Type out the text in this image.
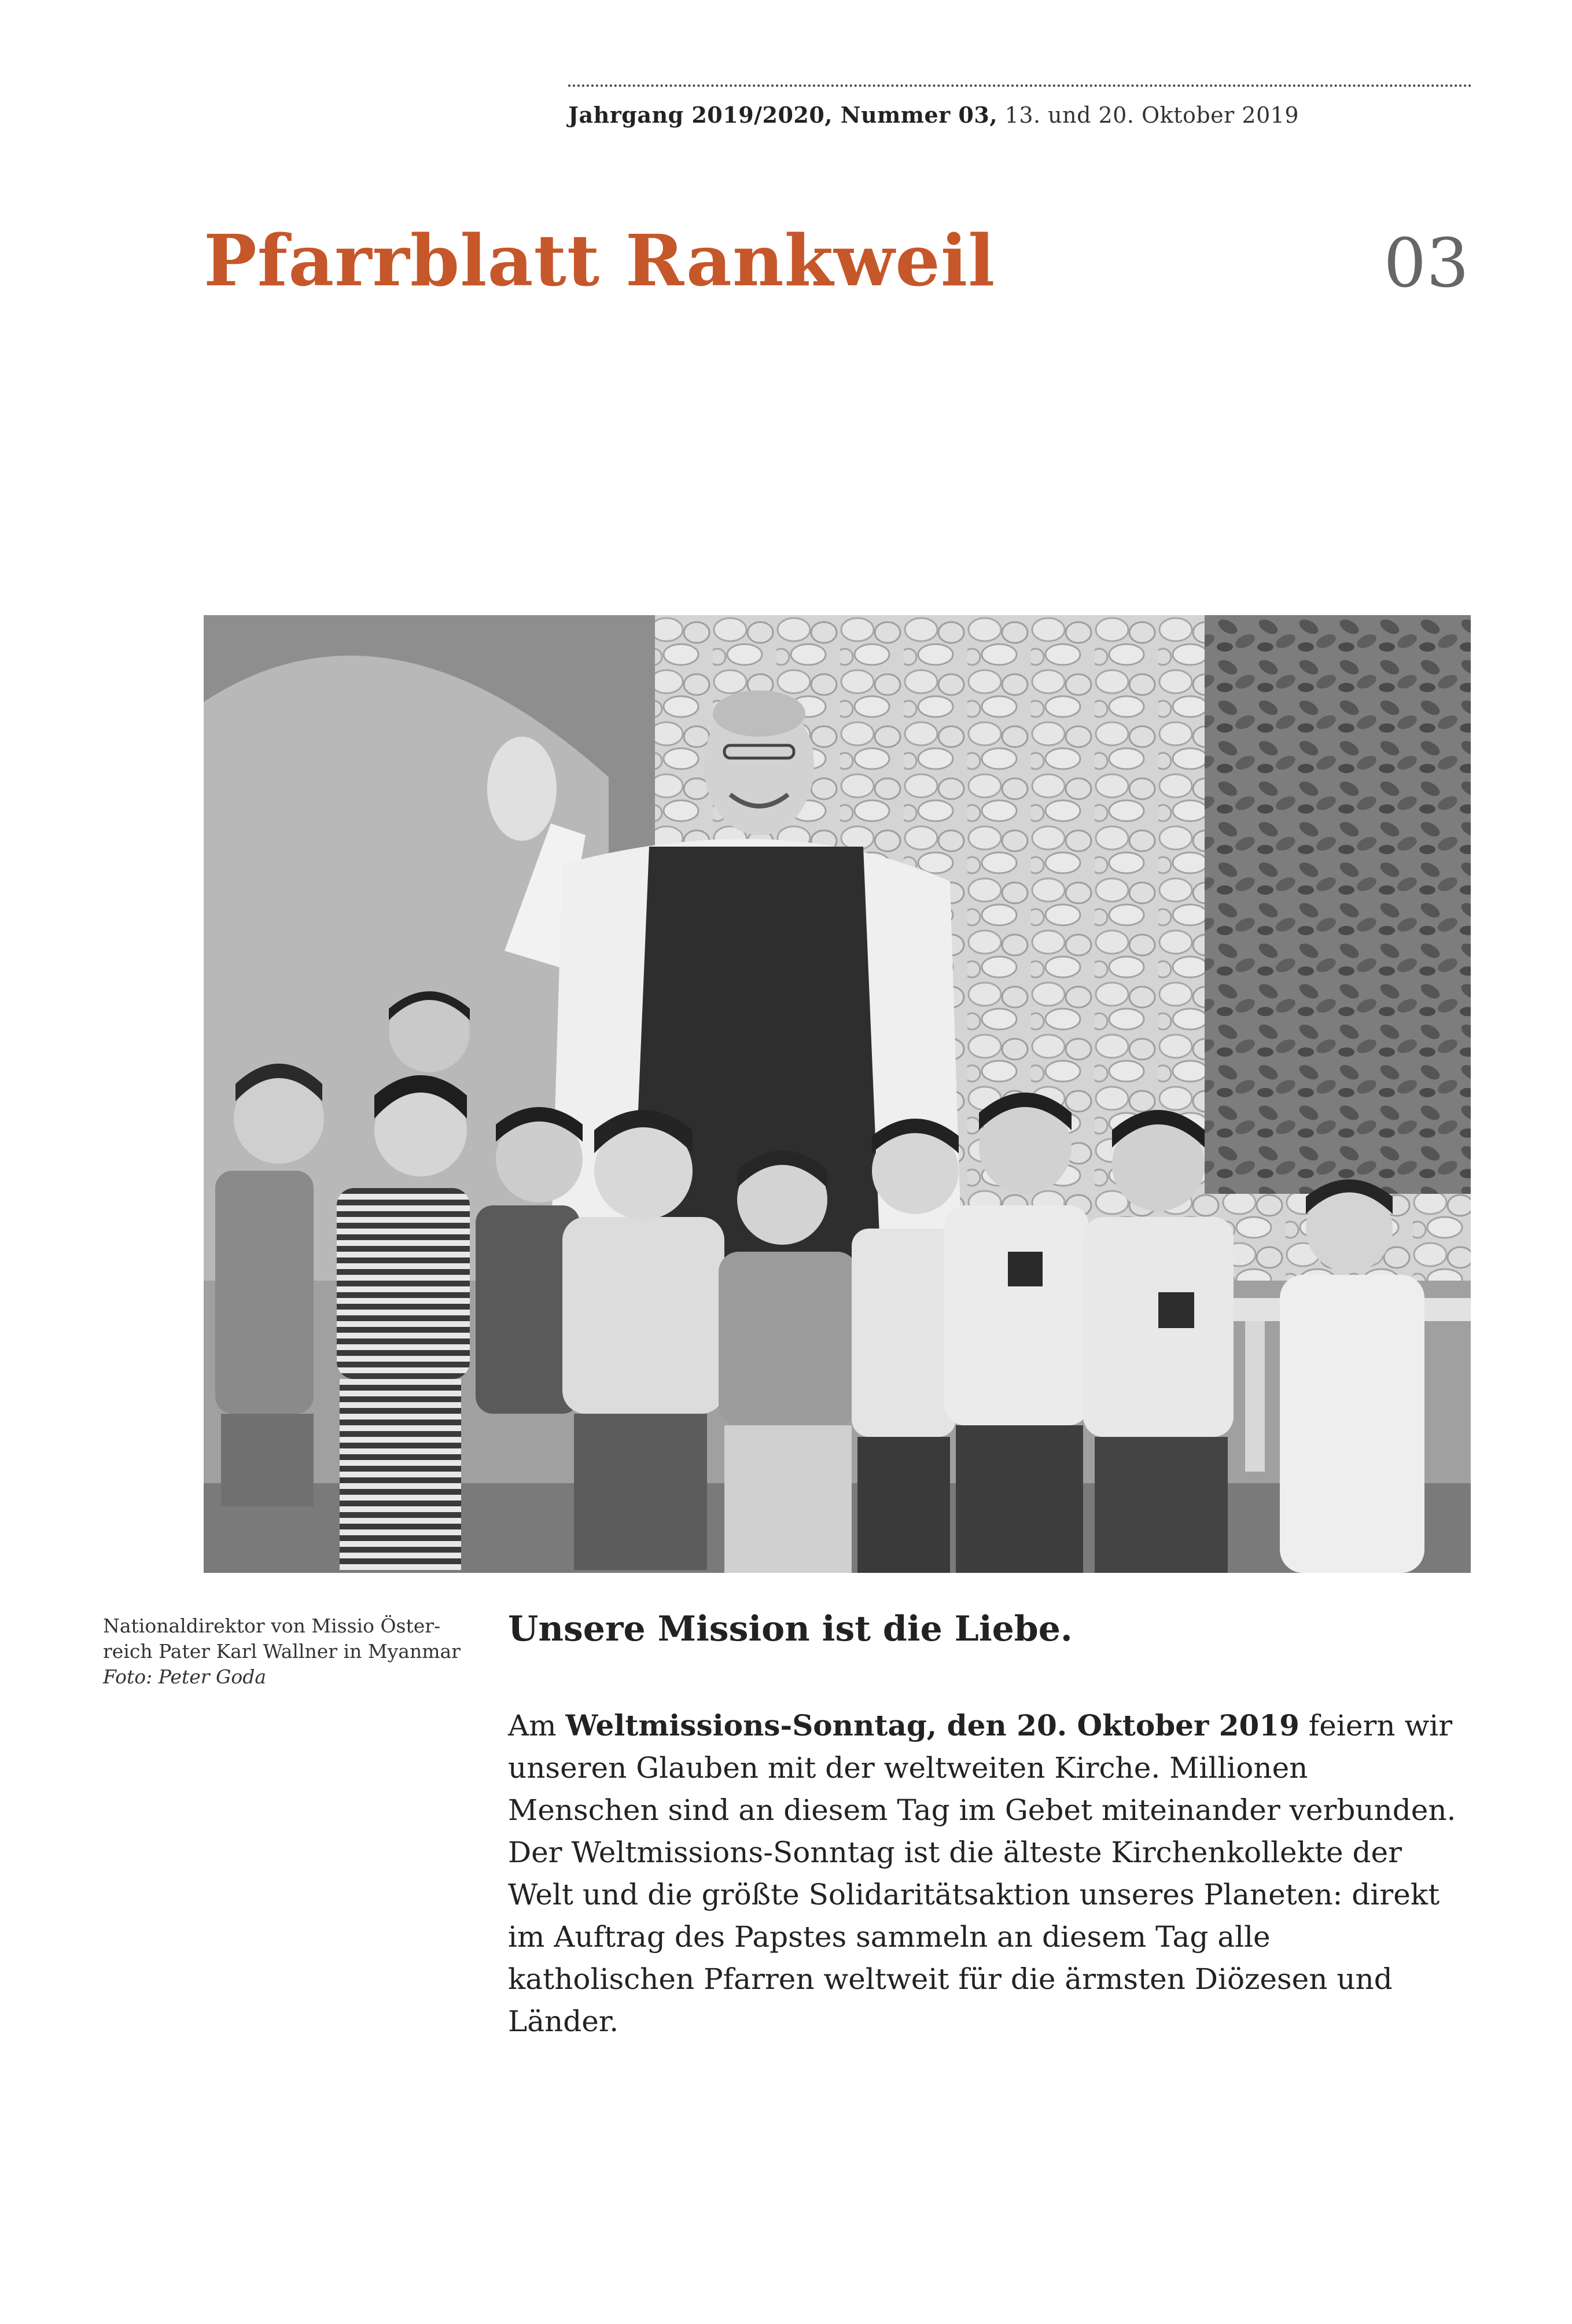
Jahrgang 2019/2020, Nummer 03, 13. und 20. Oktober 2019
Pfarrblatt Rankweil	03
Nationaldirektor von Missio Öster-
reich Pater Karl Wallner in Myanmar
Foto: Peter Goda
Unsere Mission ist die Liebe.

Am Weltmissions-Sonntag, den 20. Oktober 2019 feiern wir unseren Glauben mit der weltweiten Kirche. Millionen Menschen sind an diesem Tag im Gebet miteinander verbunden.

Der Weltmissions-Sonntag ist die älteste Kirchenkollekte der Welt und die größte Solidaritätsaktion unseres Planeten: direkt im Auftrag des Papstes sammeln an diesem Tag alle katholischen Pfarren weltweit für die ärmsten Diözesen und Länder.
